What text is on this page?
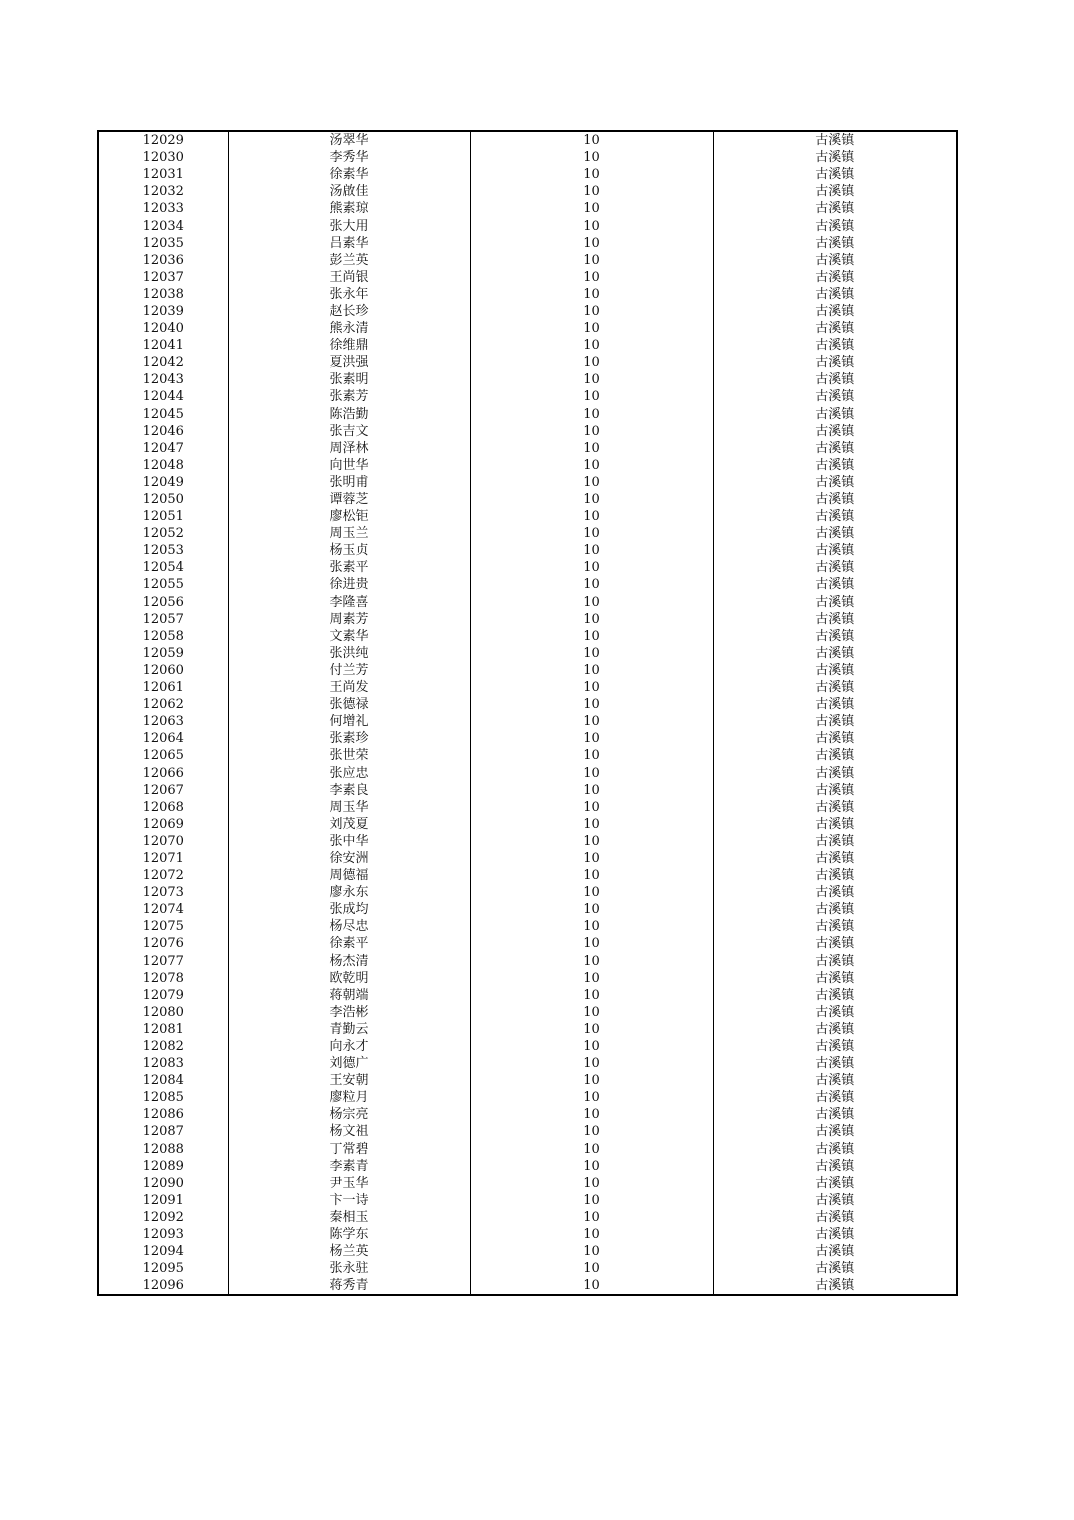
12029	汤翠华	10	古溪镇
12030	李秀华	10	古溪镇
12031	徐素华	10	古溪镇
12032	汤啟佳	10	古溪镇
12033	熊素琼	10	古溪镇
12034	张大用	10	古溪镇
12035	吕素华	10	古溪镇
12036	彭兰英	10	古溪镇
12037	王尚银	10	古溪镇
12038	张永年	10	古溪镇
12039	赵长珍	10	古溪镇
12040	熊永清	10	古溪镇
12041	徐维鼎	10	古溪镇
12042	夏洪强	10	古溪镇
12043	张素明	10	古溪镇
12044	张素芳	10	古溪镇
12045	陈浩勤	10	古溪镇
12046	张吉文	10	古溪镇
12047	周泽林	10	古溪镇
12048	向世华	10	古溪镇
12049	张明甫	10	古溪镇
12050	谭蓉芝	10	古溪镇
12051	廖松钜	10	古溪镇
12052	周玉兰	10	古溪镇
12053	杨玉贞	10	古溪镇
12054	张素平	10	古溪镇
12055	徐进贵	10	古溪镇
12056	李隆喜	10	古溪镇
12057	周素芳	10	古溪镇
12058	文素华	10	古溪镇
12059	张洪纯	10	古溪镇
12060	付兰芳	10	古溪镇
12061	王尚发	10	古溪镇
12062	张德禄	10	古溪镇
12063	何增礼	10	古溪镇
12064	张素珍	10	古溪镇
12065	张世荣	10	古溪镇
12066	张应忠	10	古溪镇
12067	李素良	10	古溪镇
12068	周玉华	10	古溪镇
12069	刘茂夏	10	古溪镇
12070	张中华	10	古溪镇
12071	徐安洲	10	古溪镇
12072	周德福	10	古溪镇
12073	廖永东	10	古溪镇
12074	张成均	10	古溪镇
12075	杨尽忠	10	古溪镇
12076	徐素平	10	古溪镇
12077	杨杰清	10	古溪镇
12078	欧乾明	10	古溪镇
12079	蒋朝端	10	古溪镇
12080	李浩彬	10	古溪镇
12081	青勤云	10	古溪镇
12082	向永才	10	古溪镇
12083	刘德广	10	古溪镇
12084	王安朝	10	古溪镇
12085	廖粒月	10	古溪镇
12086	杨宗亮	10	古溪镇
12087	杨文祖	10	古溪镇
12088	丁常碧	10	古溪镇
12089	李素青	10	古溪镇
12090	尹玉华	10	古溪镇
12091	卞一诗	10	古溪镇
12092	秦相玉	10	古溪镇
12093	陈学东	10	古溪镇
12094	杨兰英	10	古溪镇
12095	张永驻	10	古溪镇
12096	蒋秀青	10	古溪镇
